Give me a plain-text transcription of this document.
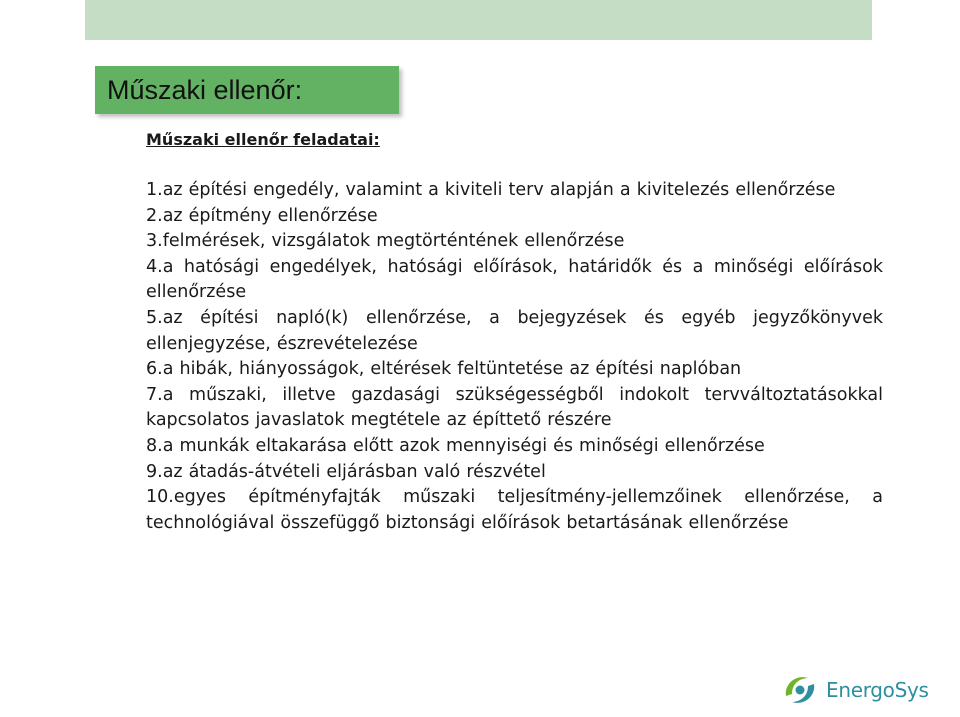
Műszaki ellenőr:
Műszaki ellenőr feladatai:
1.az építési engedély, valamint a kiviteli terv alapján a kivitelezés ellenőrzése
2.az építmény ellenőrzése
3.felmérések, vizsgálatok megtörténtének ellenőrzése
4.a hatósági engedélyek, hatósági előírások, határidők és a minőségi előírások ellenőrzése
5.az építési napló(k) ellenőrzése, a bejegyzések és egyéb jegyzőkönyvek ellenjegyzése, észrevételezése
6.a hibák, hiányosságok, eltérések feltüntetése az építési naplóban
7.a műszaki, illetve gazdasági szükségességből indokolt tervváltoztatásokkal kapcsolatos javaslatok megtétele az építtető részére
8.a munkák eltakarása előtt azok mennyiségi és minőségi ellenőrzése
9.az átadás-átvételi eljárásban való részvétel
10.egyes építményfajták műszaki teljesítmény-jellemzőinek ellenőrzése, a technológiával összefüggő biztonsági előírások betartásának ellenőrzése
EnergoSys
